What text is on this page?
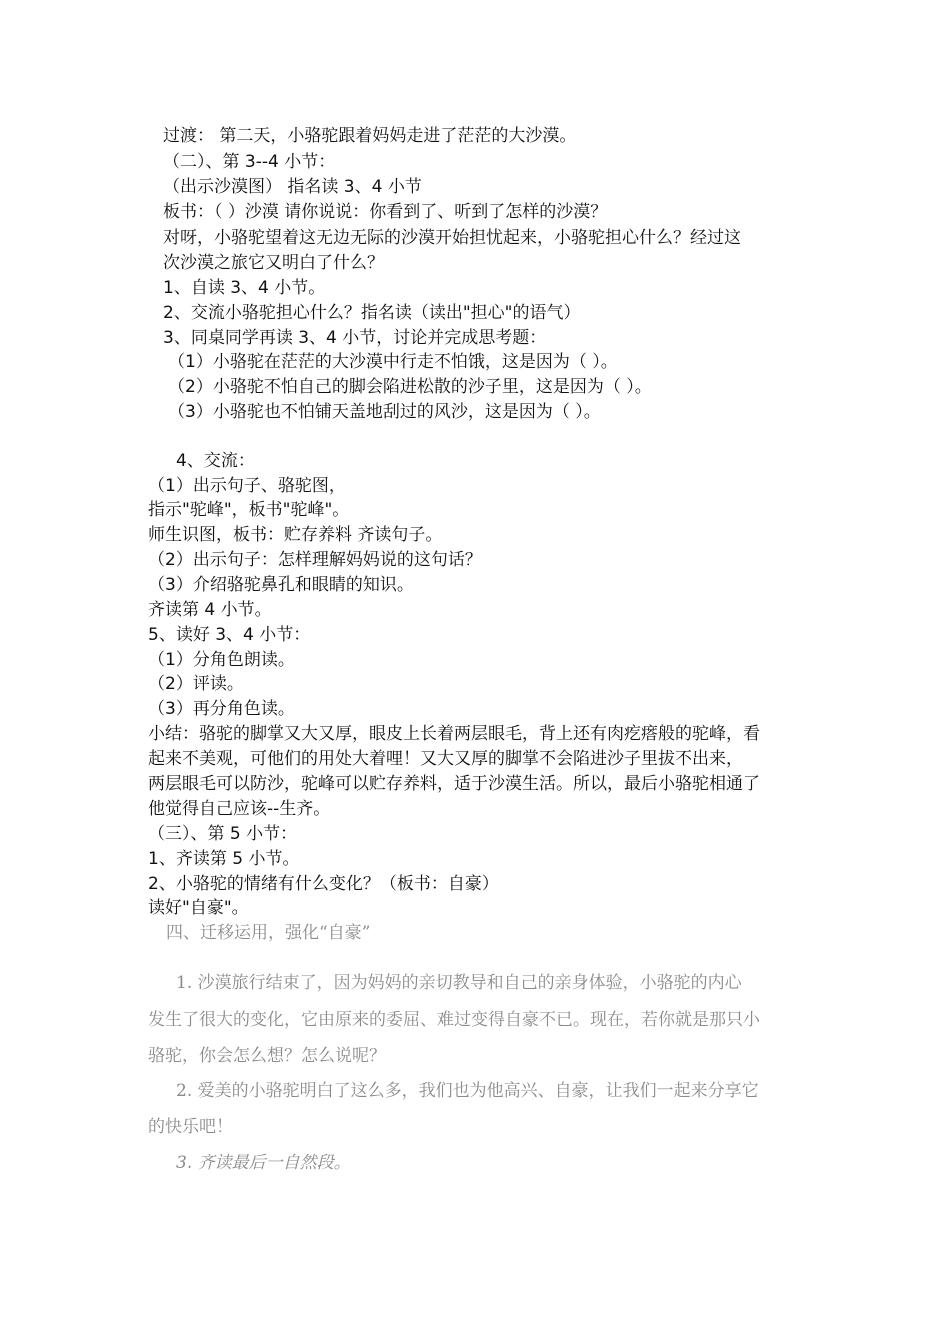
过渡： 第二天，小骆驼跟着妈妈走进了茫茫的大沙漠。
（二）、第 3--4 小节：
（出示沙漠图） 指名读 3、4 小节
板书：（ ）沙漠 请你说说：你看到了、听到了怎样的沙漠？
对呀，小骆驼望着这无边无际的沙漠开始担忧起来，小骆驼担心什么？经过这
次沙漠之旅它又明白了什么？
1、自读 3、4 小节。
2、交流小骆驼担心什么？指名读（读出"担心"的语气）
3、同桌同学再读 3、4 小节，讨论并完成思考题：
（1）小骆驼在茫茫的大沙漠中行走不怕饿，这是因为（ ）。
（2）小骆驼不怕自己的脚会陷进松散的沙子里，这是因为（ ）。
（3）小骆驼也不怕铺天盖地刮过的风沙，这是因为（ ）。
4、交流：
（1）出示句子、骆驼图，
指示"驼峰"，板书"驼峰"。
师生识图，板书：贮存养料 齐读句子。
（2）出示句子：怎样理解妈妈说的这句话？
（3）介绍骆驼鼻孔和眼睛的知识。
齐读第 4 小节。
5、读好 3、4 小节：
（1）分角色朗读。
（2）评读。
（3）再分角色读。
小结：骆驼的脚掌又大又厚，眼皮上长着两层眼毛，背上还有肉疙瘩般的驼峰，看
起来不美观，可他们的用处大着哩！又大又厚的脚掌不会陷进沙子里拔不出来，
两层眼毛可以防沙，驼峰可以贮存养料，适于沙漠生活。所以，最后小骆驼相通了
他觉得自己应该--生齐。
（三）、第 5 小节：
1、齐读第 5 小节。
2、小骆驼的情绪有什么变化？（板书：自豪）
读好"自豪"。
四、迁移运用，强化“自豪”
1. 沙漠旅行结束了，因为妈妈的亲切教导和自己的亲身体验，小骆驼的内心
发生了很大的变化，它由原来的委屈、难过变得自豪不已。现在，若你就是那只小
骆驼，你会怎么想？怎么说呢？
2. 爱美的小骆驼明白了这么多，我们也为他高兴、自豪，让我们一起来分享它
的快乐吧！
3. 齐读最后一自然段。
